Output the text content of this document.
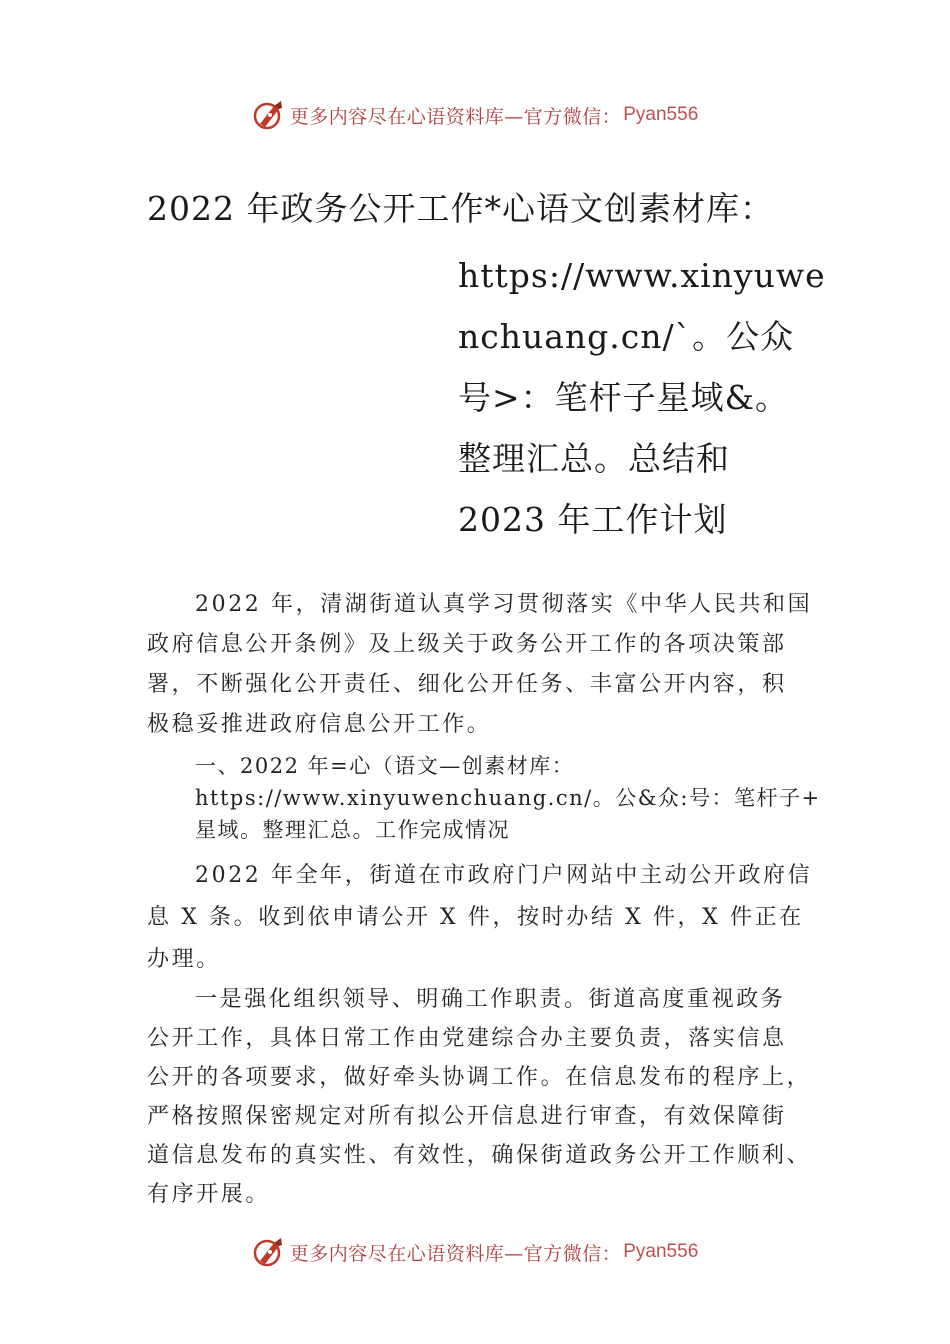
更多内容尽在心语资料库—官方微信： Pyan556
2022 年政务公开工作*心语文创素材库：
https://www.xinyuwe
nchuang.cn/`。公众
号>：笔杆子星域&。
整理汇总。总结和
2023 年工作计划
2022 年，清湖街道认真学习贯彻落实《中华人民共和国
政府信息公开条例》及上级关于政务公开工作的各项决策部
署，不断强化公开责任、细化公开任务、丰富公开内容，积
极稳妥推进政府信息公开工作。
一、2022 年=心（语文—创素材库：
https://www.xinyuwenchuang.cn/。公&众:号：笔杆子+
星域。整理汇总。工作完成情况
2022 年全年，街道在市政府门户网站中主动公开政府信
息 X 条。收到依申请公开 X 件，按时办结 X 件，X 件正在
办理。
一是强化组织领导、明确工作职责。街道高度重视政务
公开工作，具体日常工作由党建综合办主要负责，落实信息
公开的各项要求，做好牵头协调工作。在信息发布的程序上，
严格按照保密规定对所有拟公开信息进行审查，有效保障街
道信息发布的真实性、有效性，确保街道政务公开工作顺利、
有序开展。
更多内容尽在心语资料库—官方微信： Pyan556
